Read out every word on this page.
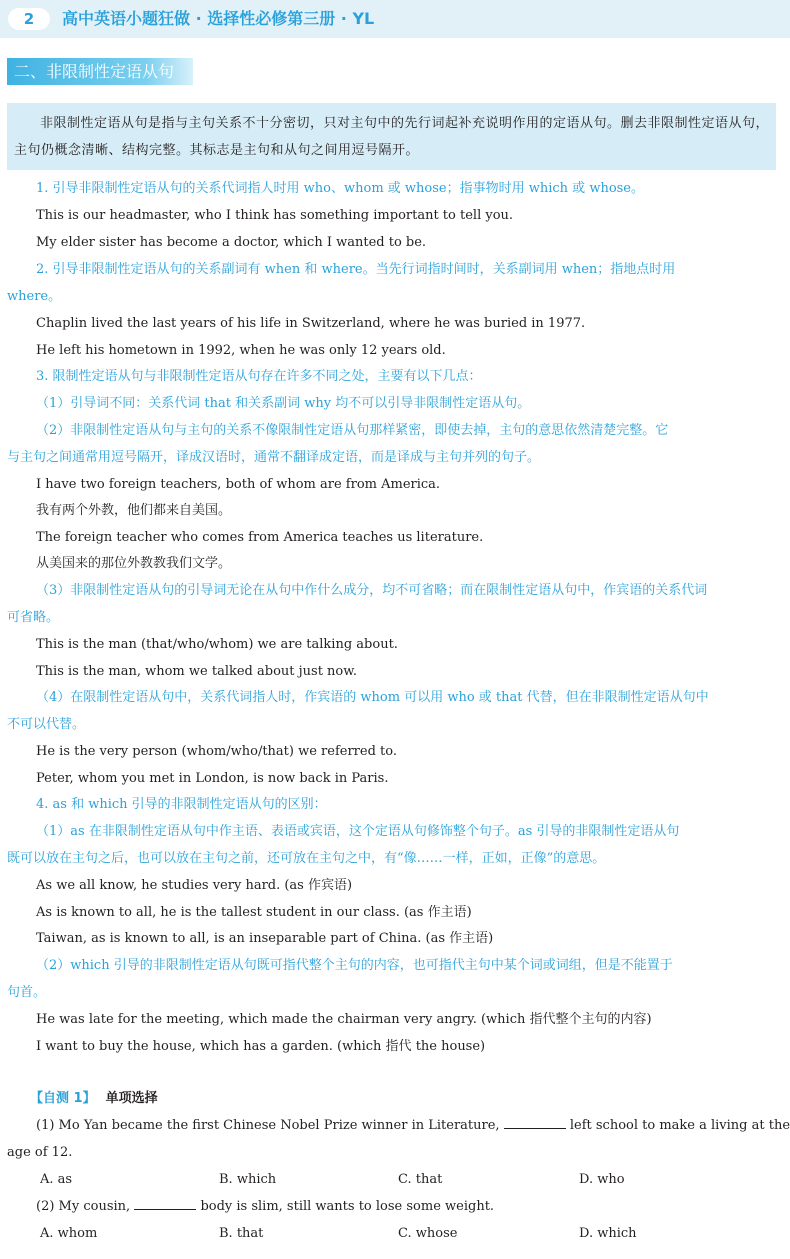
2	高中英语小题狂做 · 选择性必修第三册 · YL
二、非限制性定语从句
非限制性定语从句是指与主句关系不十分密切，只对主句中的先行词起补充说明作用的定语从句。删去非限制性定语从句，主句仍概念清晰、结构完整。其标志是主句和从句之间用逗号隔开。
1. 引导非限制性定语从句的关系代词指人时用 who、whom 或 whose；指事物时用 which 或 whose。
This is our headmaster, who I think has something important to tell you.
My elder sister has become a doctor, which I wanted to be.
2. 引导非限制性定语从句的关系副词有 when 和 where。当先行词指时间时，关系副词用 when；指地点时用
where。
Chaplin lived the last years of his life in Switzerland, where he was buried in 1977.
He left his hometown in 1992, when he was only 12 years old.
3. 限制性定语从句与非限制性定语从句存在许多不同之处，主要有以下几点：
（1）引导词不同：关系代词 that 和关系副词 why 均不可以引导非限制性定语从句。
（2）非限制性定语从句与主句的关系不像限制性定语从句那样紧密，即使去掉，主句的意思依然清楚完整。它
与主句之间通常用逗号隔开，译成汉语时，通常不翻译成定语，而是译成与主句并列的句子。
I have two foreign teachers, both of whom are from America.
我有两个外教，他们都来自美国。
The foreign teacher who comes from America teaches us literature.
从美国来的那位外教教我们文学。
（3）非限制性定语从句的引导词无论在从句中作什么成分，均不可省略；而在限制性定语从句中，作宾语的关系代词
可省略。
This is the man (that/who/whom) we are talking about.
This is the man, whom we talked about just now.
（4）在限制性定语从句中，关系代词指人时，作宾语的 whom 可以用 who 或 that 代替，但在非限制性定语从句中
不可以代替。
He is the very person (whom/who/that) we referred to.
Peter, whom you met in London, is now back in Paris.
4. as 和 which 引导的非限制性定语从句的区别：
（1）as 在非限制性定语从句中作主语、表语或宾语，这个定语从句修饰整个句子。as 引导的非限制性定语从句
既可以放在主句之后，也可以放在主句之前，还可放在主句之中，有“像……一样，正如，正像”的意思。
As we all know, he studies very hard. (as 作宾语)
As is known to all, he is the tallest student in our class. (as 作主语)
Taiwan, as is known to all, is an inseparable part of China. (as 作主语)
（2）which 引导的非限制性定语从句既可指代整个主句的内容，也可指代主句中某个词或词组，但是不能置于
句首。
He was late for the meeting, which made the chairman very angry. (which 指代整个主句的内容)
I want to buy the house, which has a garden. (which 指代 the house)
【自测 1】 单项选择
(1) Mo Yan became the first Chinese Nobel Prize winner in Literature,	left school to make a living at the
age of 12.
A. as	B. which	C. that	D. who
(2) My cousin,	body is slim, still wants to lose some weight.
A. whom	B. that	C. whose	D. which
